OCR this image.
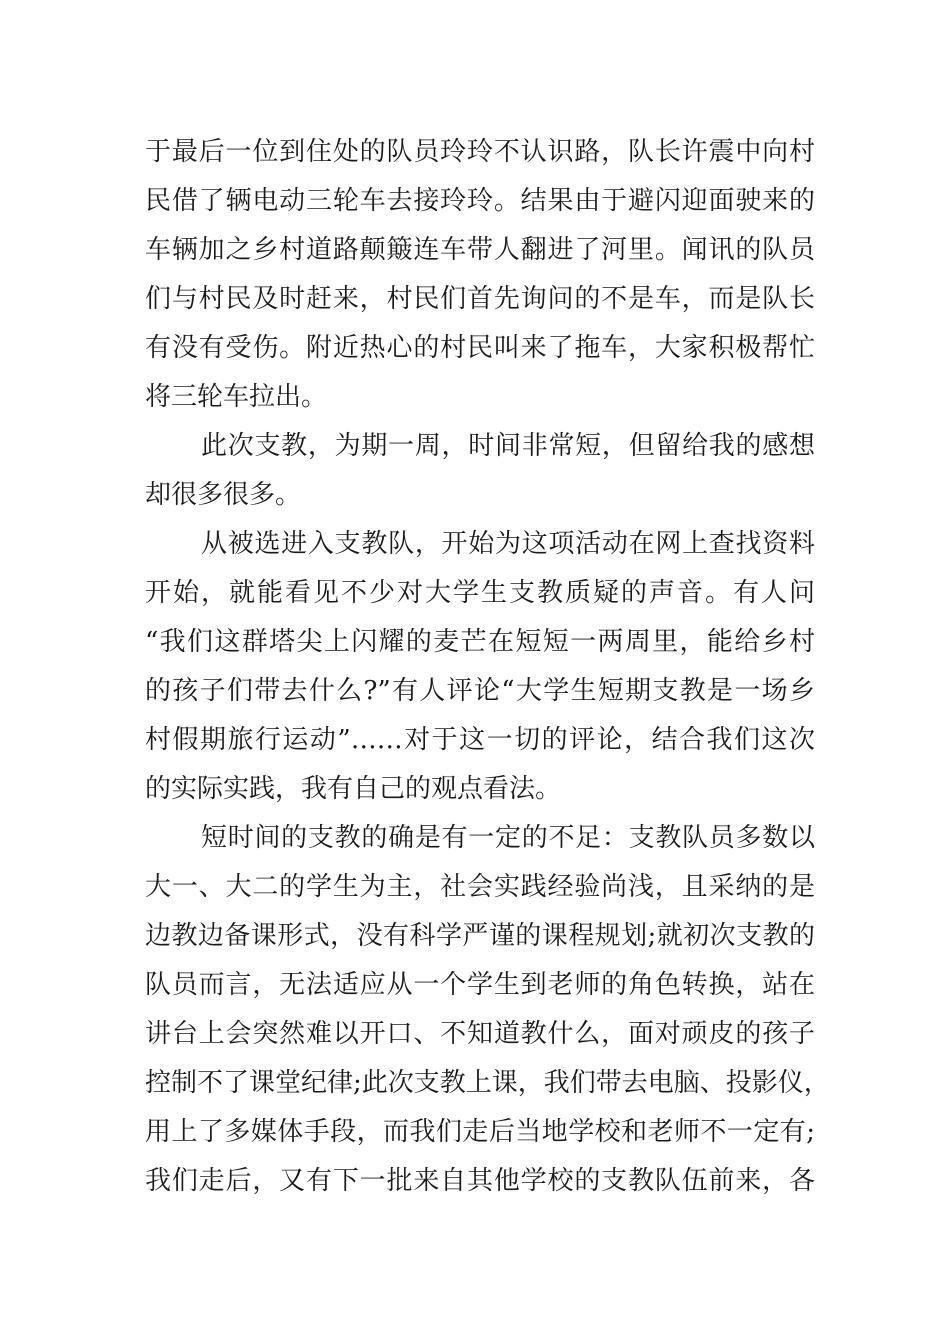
于最后一位到住处的队员玲玲不认识路，队长许震中向村
民借了辆电动三轮车去接玲玲。结果由于避闪迎面驶来的
车辆加之乡村道路颠簸连车带人翻进了河里。闻讯的队员
们与村民及时赶来，村民们首先询问的不是车，而是队长
有没有受伤。附近热心的村民叫来了拖车，大家积极帮忙
将三轮车拉出。
此次支教，为期一周，时间非常短，但留给我的感想
却很多很多。
从被选进入支教队，开始为这项活动在网上查找资料
开始，就能看见不少对大学生支教质疑的声音。有人问
“我们这群塔尖上闪耀的麦芒在短短一两周里，能给乡村
的孩子们带去什么?”有人评论“大学生短期支教是一场乡
村假期旅行运动”……对于这一切的评论，结合我们这次
的实际实践，我有自己的观点看法。
短时间的支教的确是有一定的不足：支教队员多数以
大一、大二的学生为主，社会实践经验尚浅，且采纳的是
边教边备课形式，没有科学严谨的课程规划;就初次支教的
队员而言，无法适应从一个学生到老师的角色转换，站在
讲台上会突然难以开口、不知道教什么，面对顽皮的孩子
控制不了课堂纪律;此次支教上课，我们带去电脑、投影仪，
用上了多媒体手段，而我们走后当地学校和老师不一定有;
我们走后，又有下一批来自其他学校的支教队伍前来，各
